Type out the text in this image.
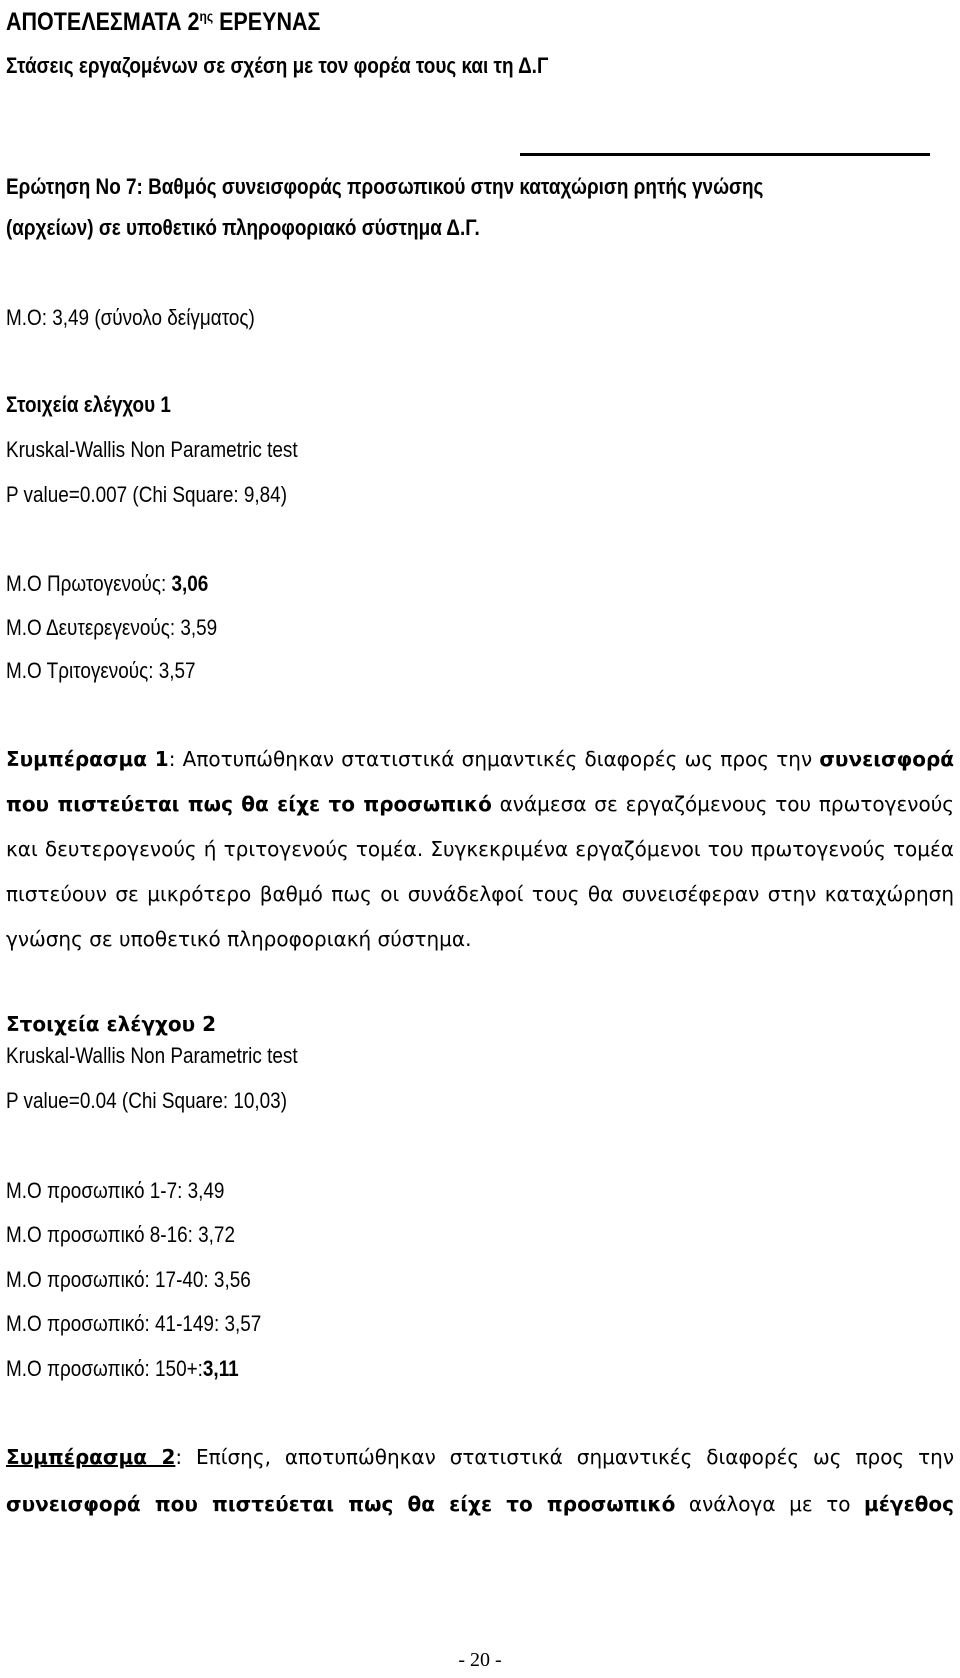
ΑΠΟΤΕΛΕΣΜΑΤΑ $2^{\eta\varsigma}$ ΕΡΕΥΝΑΣ
Στάσεις εργαζομένων σε σχέση με τον φορέα τους και τη Δ.Γ
Ερώτηση Νο 7: Βαθμός συνεισφοράς προσωπικού στην καταχώριση ρητής γνώσης
(αρχείων) σε υποθετικό πληροφοριακό σύστημα Δ.Γ.
Μ.Ο: 3,49 (σύνολο δείγματος)
Στοιχεία ελέγχου 1
Kruskal-Wallis Non Parametric test
P value=0.007 (Chi Square: 9,84)
Μ.Ο Πρωτογενούς: 3,06
Μ.Ο Δευτερεγενούς: 3,59
Μ.Ο Τριτογενούς: 3,57
Συμπέρασμα 1: Αποτυπώθηκαν στατιστικά σημαντικές διαφορές ως προς την συνεισφορά
που πιστεύεται πως θα είχε το προσωπικό ανάμεσα σε εργαζόμενους του πρωτογενούς
και δευτερογενούς ή τριτογενούς τομέα. Συγκεκριμένα εργαζόμενοι του πρωτογενούς τομέα
πιστεύουν σε μικρότερο βαθμό πως οι συνάδελφοί τους θα συνεισέφεραν στην καταχώρηση
γνώσης σε υποθετικό πληροφοριακή σύστημα.
Στοιχεία ελέγχου 2
Kruskal-Wallis Non Parametric test
P value=0.04 (Chi Square: 10,03)
Μ.Ο προσωπικό 1-7: 3,49
Μ.Ο προσωπικό 8-16: 3,72
Μ.Ο προσωπικό: 17-40: 3,56
Μ.Ο προσωπικό: 41-149: 3,57
Μ.Ο προσωπικό: 150+:3,11
Συμπέρασμα 2: Επίσης, αποτυπώθηκαν στατιστικά σημαντικές διαφορές ως προς την
συνεισφορά που πιστεύεται πως θα είχε το προσωπικό ανάλογα με το μέγεθος
- 20 -
